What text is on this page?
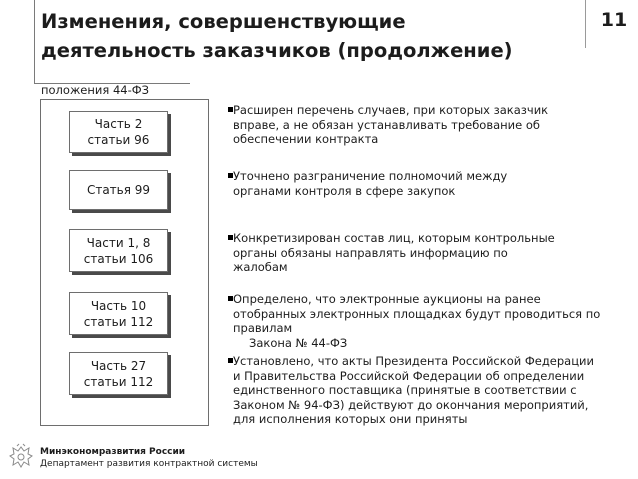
Изменения, совершенствующие
деятельность заказчиков (продолжение)
11
положения 44-ФЗ
Часть 2
статьи 96
Статья 99
Части 1, 8
статьи 106
Часть 10
статьи 112
Часть 27
статьи 112
Расширен перечень случаев, при которых заказчик
вправе, а не обязан устанавливать требование об
обеспечении контракта
Уточнено разграничение полномочий между
органами контроля в сфере закупок
Конкретизирован состав лиц, которым контрольные
органы обязаны направлять информацию по
жалобам
Определено, что электронные аукционы на ранее
отобранных электронных площадках будут проводиться по
правилам
Закона № 44-ФЗ
Установлено, что акты Президента Российской Федерации
и Правительства Российской Федерации об определении
единственного поставщика (принятые в соответствии с
Законом № 94-ФЗ) действуют до окончания мероприятий,
для исполнения которых они приняты
Минэкономразвития России
Департамент развития контрактной системы
